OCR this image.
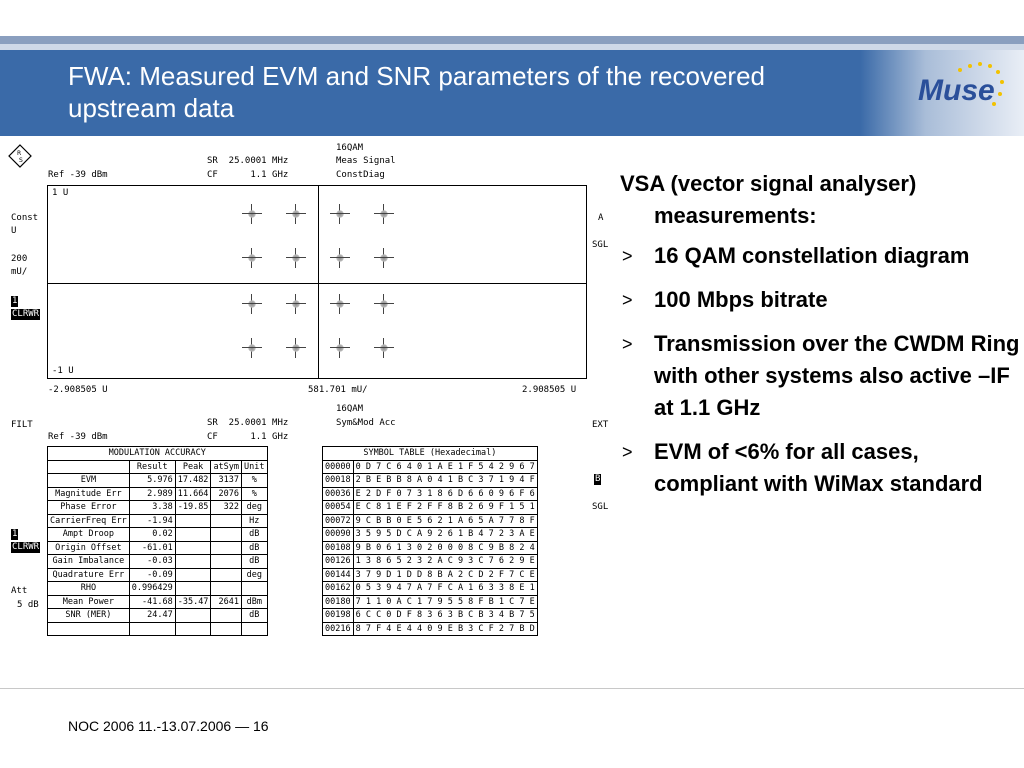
FWA: Measured EVM and SNR parameters of the recovered upstream data
Muse
R
S
16QAM
SR  25.0001 MHz	Meas Signal
Ref -39 dBm	CF      1.1 GHz	ConstDiag
Const
U
200
mU/
1
CLRWR
A
SGL
1 U
-1 U
-2.908505 U	581.701 mU/	2.908505 U
16QAM
FILT	SR  25.0001 MHz	Sym&Mod Acc	EXT
Ref -39 dBm	CF      1.1 GHz
1
CLRWR
Att
5 dB
B
SGL
MODULATION ACCURACY				
	Result	Peak	atSym	Unit
EVM	5.976	17.482	3137	%
Magnitude Err	2.989	11.664	2076	%
Phase Error	3.38	-19.85	322	deg
CarrierFreq Err	-1.94			Hz
Ampt Droop	0.02			dB
Origin Offset	-61.01			dB
Gain Imbalance	-0.03			dB
Quadrature Err	-0.09			deg
RHO	0.996429			
Mean Power	-41.68	-35.47	2641	dBm
SNR (MER)	24.47			dB

SYMBOL TABLE (Hexadecimal)	
00000	0 D 7 C 6 4 0 1 A E 1 F 5 4 2 9 6 7
00018	2 B E B B 8 A 0 4 1 B C 3 7 1 9 4 F
00036	E 2 D F 0 7 3 1 8 6 D 6 6 0 9 6 F 6
00054	E C 8 1 E F 2 F F 8 B 2 6 9 F 1 5 1
00072	9 C B B 0 E 5 6 2 1 A 6 5 A 7 7 8 F
00090	3 5 9 5 D C A 9 2 6 1 B 4 7 2 3 A E
00108	9 B 0 6 1 3 0 2 0 0 0 8 C 9 B 8 2 4
00126	1 3 8 6 5 2 3 2 A C 9 3 C 7 6 2 9 E
00144	3 7 9 D 1 D D 8 B A 2 C D 2 F 7 C E
00162	0 5 3 9 4 7 A 7 F C A 1 6 3 3 8 E 1
00180	7 1 1 0 A C 1 7 9 5 5 8 F B 1 C 7 E
00198	6 C C 0 D F 8 3 6 3 B C B 3 4 B 7 5
00216	8 7 F 4 E 4 4 0 9 E B 3 C F 2 7 B D
VSA (vector signal analyser) measurements:
> 16 QAM constellation diagram
> 100 Mbps bitrate
> Transmission over the CWDM Ring with other systems also active –IF at 1.1 GHz
> EVM of <6% for all cases, compliant with WiMax standard
NOC 2006 11.-13.07.2006 — 16
